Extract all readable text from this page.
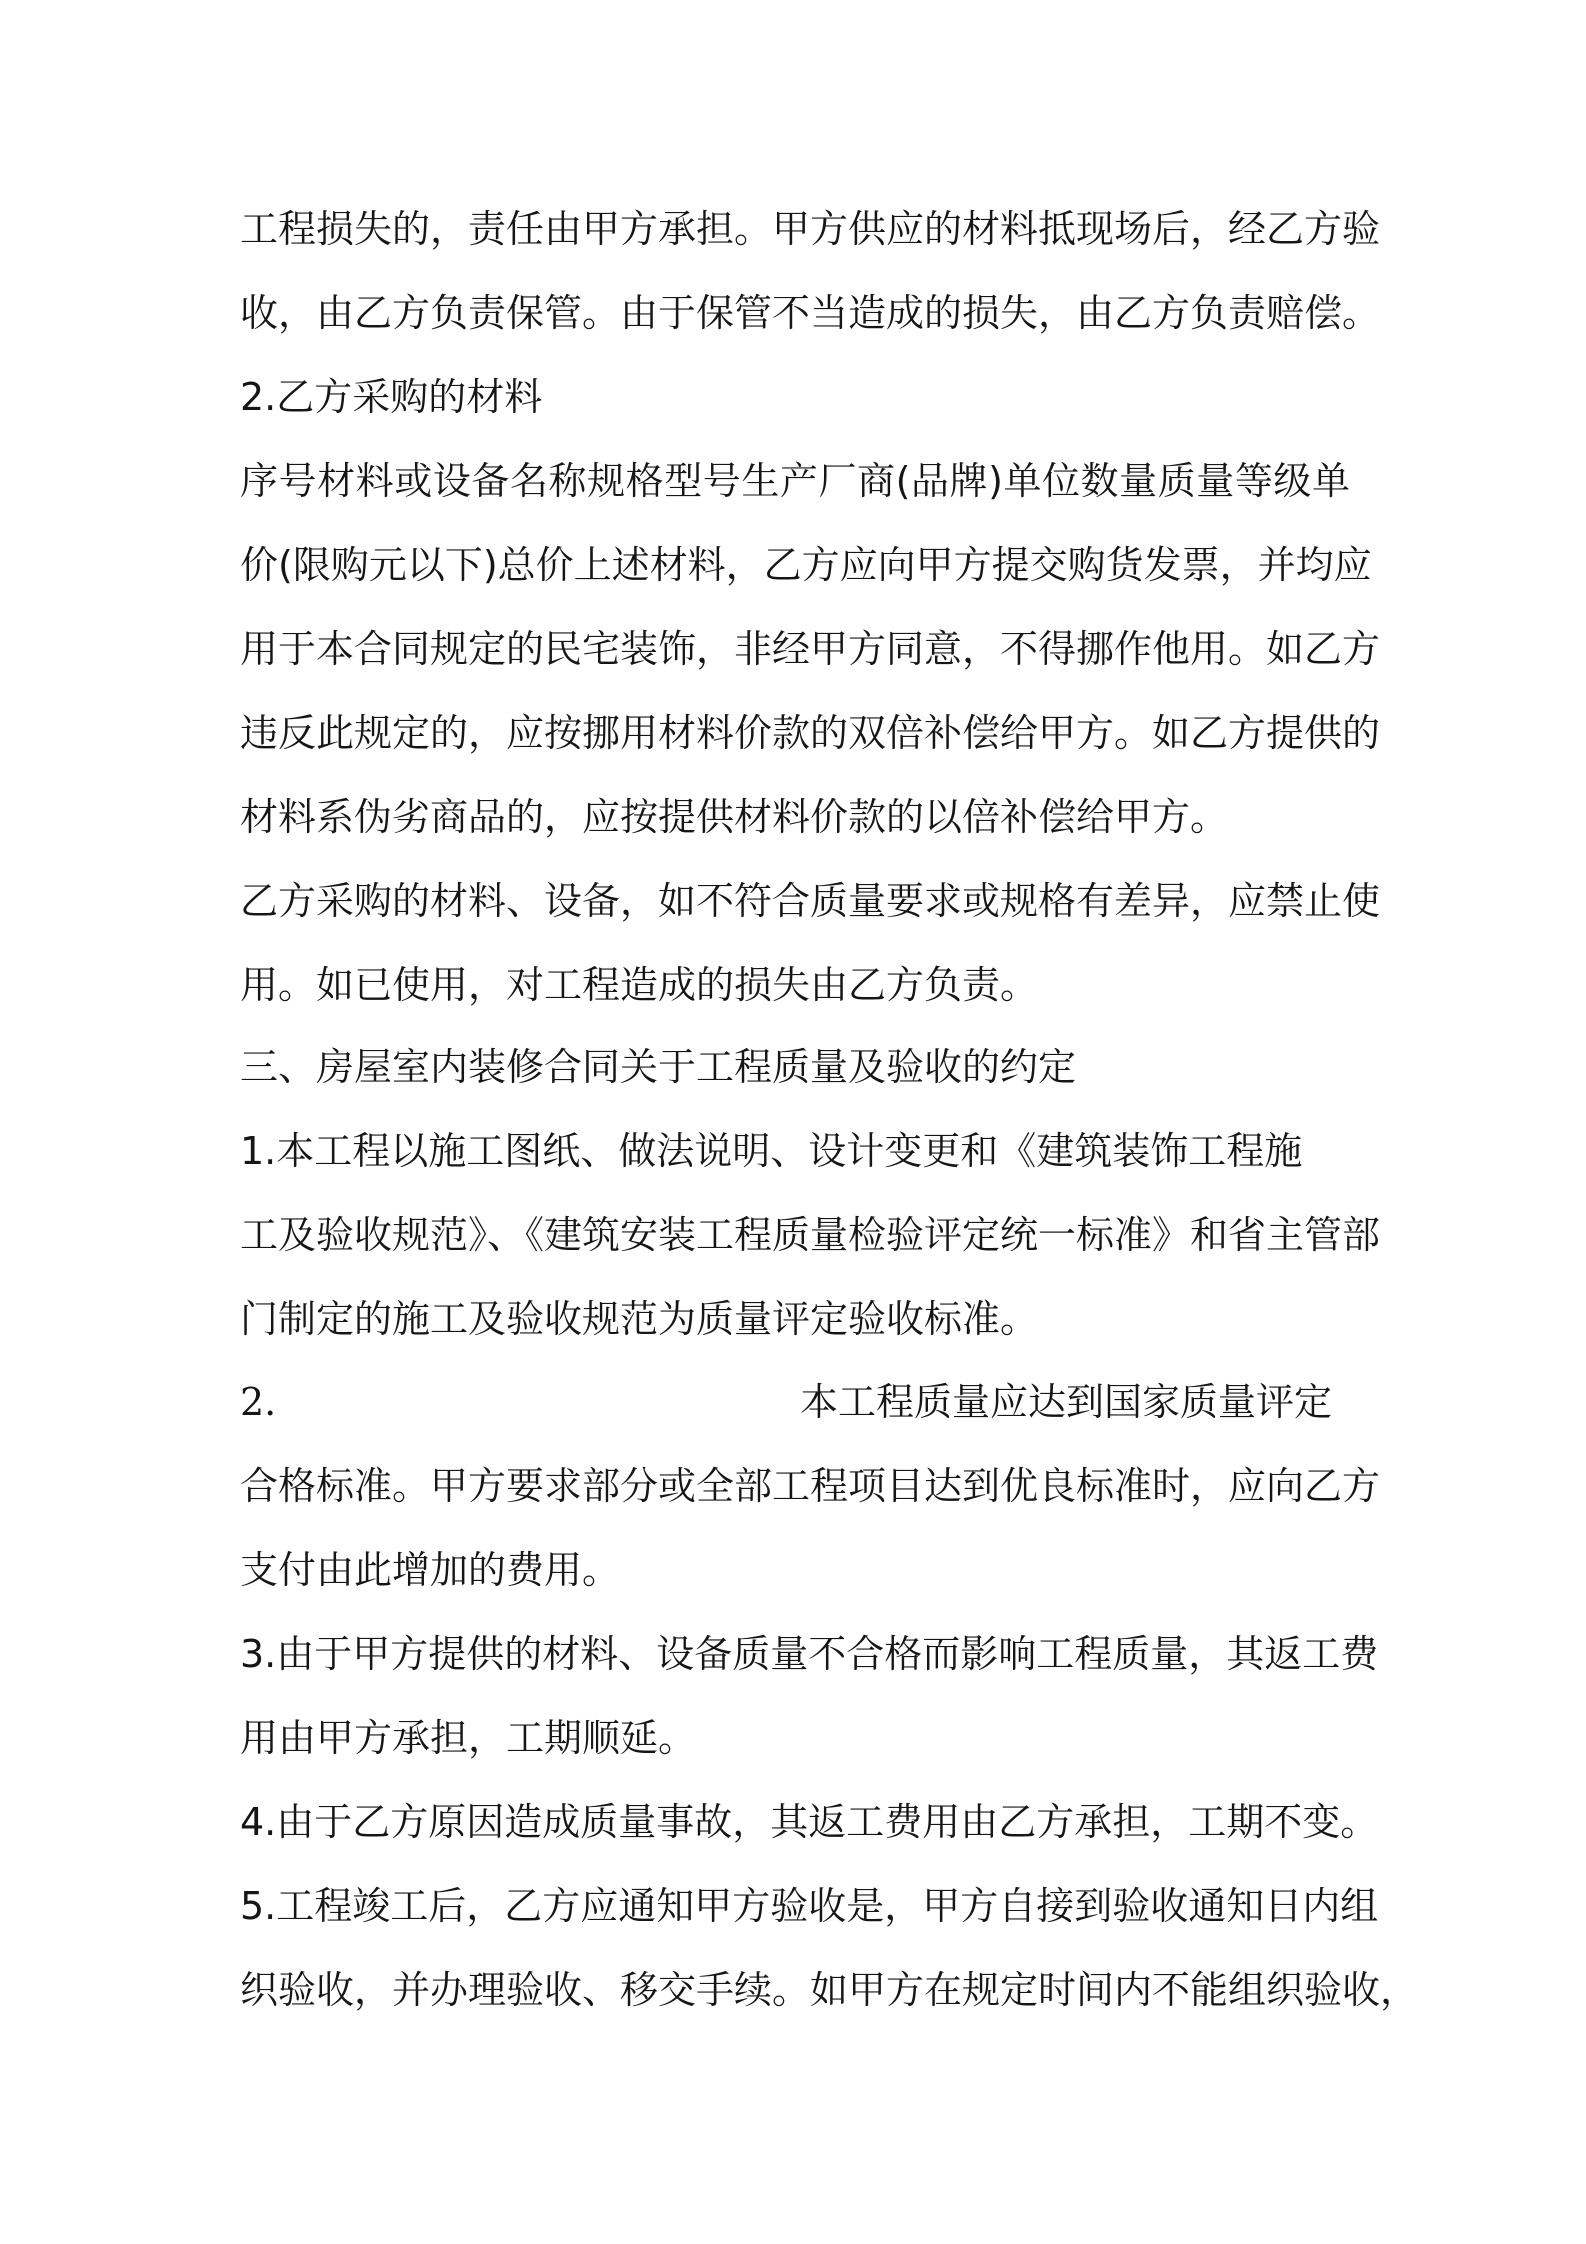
工程损失的，责任由甲方承担。甲方供应的材料抵现场后，经乙方验

收，由乙方负责保管。由于保管不当造成的损失，由乙方负责赔偿。

2.乙方采购的材料

序号材料或设备名称规格型号生产厂商(品牌)单位数量质量等级单

价(限购元以下)总价上述材料，乙方应向甲方提交购货发票，并均应

用于本合同规定的民宅装饰，非经甲方同意，不得挪作他用。如乙方

违反此规定的，应按挪用材料价款的双倍补偿给甲方。如乙方提供的

材料系伪劣商品的，应按提供材料价款的以倍补偿给甲方。

乙方采购的材料、设备，如不符合质量要求或规格有差异，应禁止使

用。如已使用，对工程造成的损失由乙方负责。

三、房屋室内装修合同关于工程质量及验收的约定

1.本工程以施工图纸、做法说明、设计变更和《建筑装饰工程施

工及验收规范》、《建筑安装工程质量检验评定统一标准》和省主管部

门制定的施工及验收规范为质量评定验收标准。

2.	本工程质量应达到国家质量评定

合格标准。甲方要求部分或全部工程项目达到优良标准时，应向乙方

支付由此增加的费用。

3.由于甲方提供的材料、设备质量不合格而影响工程质量，其返工费

用由甲方承担，工期顺延。

4.由于乙方原因造成质量事故，其返工费用由乙方承担，工期不变。

5.工程竣工后，乙方应通知甲方验收是，甲方自接到验收通知日内组

织验收，并办理验收、移交手续。如甲方在规定时间内不能组织验收，
